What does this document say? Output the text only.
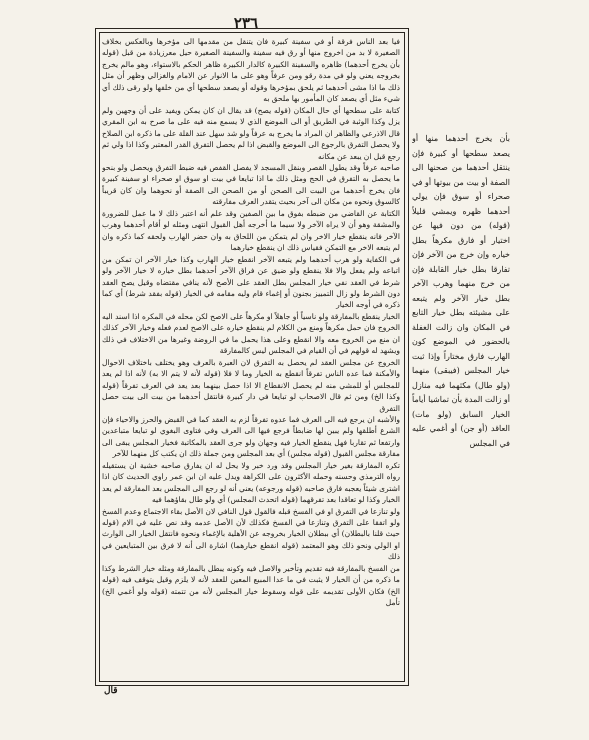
٢٣٦

فيا بعد الناس فرقة أو في سفينة كبيرة فان يتنقل من مقدمها الى مؤخرها وبالعكس بخلاف الصغيرة لا بد من اخروج منها أو رق فيه سفينة والسفينة الصغيرة حيل معرزيادة من قبل (قوله بأن يخرج أحدهما) ظاهره والسفينة الكبيرة كالدار الكبيرة ظاهر الحكم بالاستواء، وهو مالم يخرج بخروجه يعني ولو في مدة رقو ومن عرفاً وهو على ما الانوار عن الامام والغزالي وظهر أن مثل ذلك ما اذا مشى أحدهما ثم يلحق بمؤخرها وقوله أو يصعد سطحها أي من خلفها ولو رقى ذلك أي شيء مثل أي يصعد كان المأمور بها ملحق به

كتابة على سطحها أي حال المكان (قوله يصح) قد يقال ان كان يمكن ويفيد على أن وجهين ولم يزل وكذا الوثبة في الطريق أو الى الموضع الذي لا يسمع منه فيه على ما صرح به ابن المقري قال الاذرعي والظاهر ان المراد ما يخرج به عرفاً ولو شد سهل عند القلة على ما ذكره ابن الصلاح ولا يحصل التفرق بالرجوع الى الموضع والقبض اذا لم يحصل التفرق القدر المعتبر وكذا اذا ولي ثم رجع قبل ان يبعد عن مكانه

صاحبه عرفاً وقد يطول القصر وبنقل المسجد لا يفصل القفص فيه ضبط التفرق ويحصل ولو بنحو ما يحصل به التفرق في الحج ومثل ذلك ما اذا تبايعا في بيت او سوق او صحراء او سفينة كبيرة فان يخرج أحدهما من البيت الى الصحن أو من الصحن الى الصفة أو نحوهما وان كان قريباً كالسوق ونحوه من مكان الى آخر بحيث يتقدر العرف مفارقته

الكتابة عن القاضي من ضبطه بفوق ما بين الصفين وقد علم أنه اعتبر ذلك لا ما عمل للضرورة والمشقة وهو أن لا يراه الآخر ولا سيما ما أخرجه أهل القبول انتهى ومثله لو أقام أحدهما وهرب الآخر فانه ينقطع خيار الاخر وان لم يتمكن من اللحاق به وان حضر الهارب ولحقه كما ذكره وان لم يتبعه الاخر مع التمكن فقياس ذلك ان ينقطع خيارهما

في الكفاية ولو هرب أحدهما ولم يتبعه الآخر انقطع خيار الهارب وكذا خيار الآخر ان تمكن من اتباعه ولم يفعل والا فلا ينقطع ولو ضيق عن فراق الآخر أحدهما بطل خياره لا خيار الآخر ولو شرط في العقد نفي خيار المجلس بطل العقد على الأصح لأنه ينافي مقتضاه وقيل يصح العقد دون الشرط ولو زال التمييز بجنون أو إغماء قام وليه مقامه في الخيار (قوله بفقد شرط) أي كما ذكره في أوجه الخيار

الخيار ينقطع بالمفارقة ولو ناسياً أو جاهلاً او مكرهاً على الاصح لكن محله في المكره اذا اسند اليه الخروج فان حمل مكرهاً ومنع من الكلام لم ينقطع خياره على الاصح لعدم فعله وخيار الآخر كذلك ان منع من الخروج معه والا انقطع وعلى هذا يحمل ما في الروضة وغيرها من الاختلاف في ذلك ويشهد له قولهم في أن القيام في المجلس ليس كالمفارقة

الخروج عن مجلس العقد لم يحصل به التفرق لان العبرة بالعرف وهو يختلف باختلاف الاحوال والأمكنة فما عده الناس تفرقاً انقطع به الخيار وما لا فلا (قوله لأنه لا يتم الا به) لأنه اذا لم يعد للمجلس أو للمشي منه لم يحصل الانقطاع الا اذا حصل بينهما بعد يعد في العرف تفرقاً (قوله وكذا الخ) ومن ثم قال الاصحاب لو تبايعا في دار كبيرة فانتقل أحدهما من بيت الى بيت حصل التفرق

والأشبه ان يرجع فيه الى العرف فما عدوه تفرقاً لزم به العقد كما في القبض والحرز والاحياء فإن الشرع أطلقها ولم يبين لها ضابطاً فرجع فيها الى العرف وفي فتاوى البغوي لو تبايعا متباعدين وارتفعا ثم تقاربا فهل ينقطع الخيار فيه وجهان ولو جرى العقد بالمكاتبة فخيار المجلس يبقى الى مفارقة مجلس القبول (قوله مجلس) أي بعد المجلس ومن جملة ذلك ان يكتب كل منهما للآخر

تكره المفارقة بغير خيار المجلس وقد ورد خبر ولا يحل له ان يفارق صاحبه خشية ان يستقيله رواه الترمذي وحسنه وحمله الأكثرون على الكراهة ويدل عليه ان ابن عمر راوي الحديث كان اذا اشترى شيئاً يعجبه فارق صاحبه (قوله ورجوعه) يعني أنه لو رجع الى المجلس بعد المفارقة لم يعد الخيار وكذا لو تعاقدا بعد تفرقهما (قوله اتحدث المجلس) أي ولو طال بقاؤهما فيه

ولو تنازعا في التفرق او في الفسخ قبله فالقول قول النافي لان الأصل بقاء الاجتماع وعدم الفسخ ولو اتفقا على التفرق وتنازعا في الفسخ فكذلك لأن الأصل عدمه وقد نص عليه في الام (قوله حيث قلنا بالبطلان) أي ببطلان الخيار بخروجه عن الأهلية بالإغماء ونحوه فانتقل الخيار الى الوارث او الولي ونحو ذلك وهو المعتمد (قوله انقطع خيارهما) اشارة الى أنه لا فرق بين المتبايعين في ذلك

من الفسخ بالمفارقة فيه تقديم وتأخير والاصل فيه وكونه يبطل بالمفارقة ومثله خيار الشرط وكذا ما ذكره من أن الخيار لا يثبت في ما عدا المبيع المعين للعقد لأنه لا يلزم وقيل يتوقف فيه (قوله الخ) فكان الأولى تقديمه على قوله وسقوط خيار المجلس لأنه من تتمته (قوله ولو أغمي الخ) تأمل

بأن يخرج أحدهما منها أو يصعد سطحها أو كبيرة فإن ينتقل أحدهما من صحنها الى الصفة أو بيت من بيوتها أو في صحراء أو سوق فإن يولي أحدهما ظهره ويمشي قليلاً (قوله) من دون فيها عن اختيار أو فارق مكرهاً بطل خياره وإن خرج من الآخر فإن تفارقا بطل خيار القابلة فإن من خرج منهما وهرب الآخر بطل خيار الآخر ولم يتبعه على مشيئته بطل خيار التابع في المكان وان زالت الغفلة بالحضور في الموضع كون الهارب فارق مختاراً وإذا ثبت خيار المجلس (فيبقى) منهما (ولو طال) مكثهما فيه منازل أو زالت المدة بأن تماشيا أياماً الخيار السابق (ولو مات) العاقد (أو جن) أو أغمي عليه في المجلس

قال
